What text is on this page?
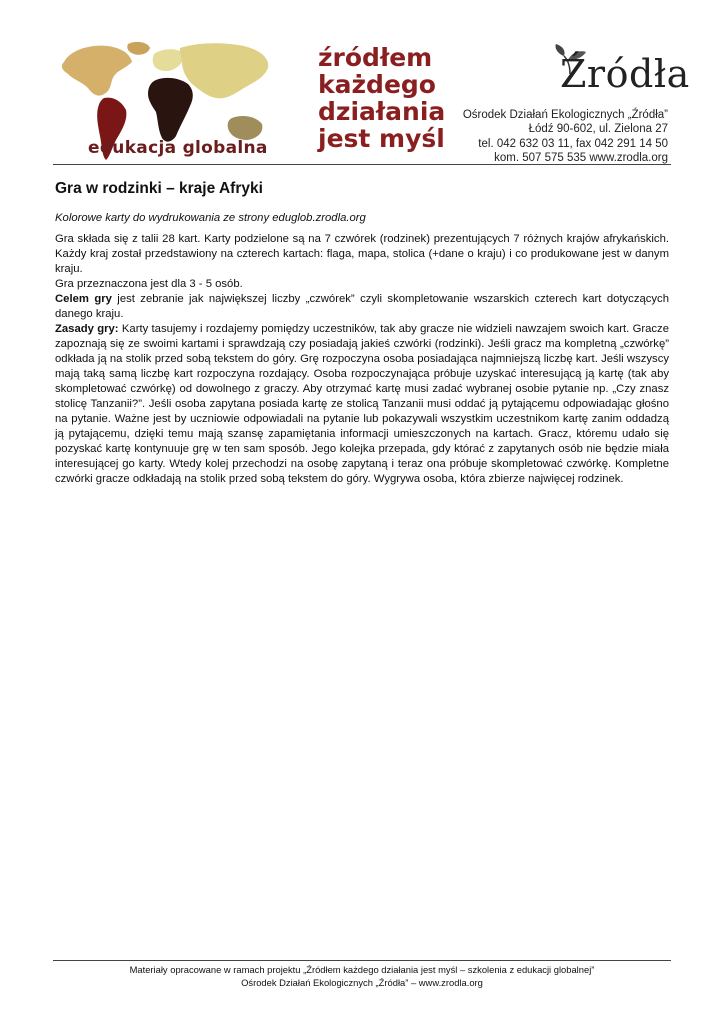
edukacja globalna
źródłem
każdego
działania
jest myśl
Źródła
Ośrodek Działań Ekologicznych „Źródła”
Łódź 90-602, ul. Zielona 27
tel. 042 632 03 11, fax 042 291 14 50
kom. 507 575 535 www.zrodla.org
Gra w rodzinki – kraje Afryki

Kolorowe karty do wydrukowania ze strony eduglob.zrodla.org

Gra składa się z talii 28 kart. Karty podzielone są na 7 czwórek (rodzinek) prezentujących 7 różnych krajów afrykańskich. Każdy kraj został przedstawiony na czterech kartach: flaga, mapa, stolica (+dane o kraju) i co produkowane jest w danym kraju.

Gra przeznaczona jest dla 3 - 5 osób.

Celem gry jest zebranie jak największej liczby „czwórek” czyli skompletowanie wszarskich czterech kart dotyczących danego kraju.

Zasady gry: Karty tasujemy i rozdajemy pomiędzy uczestników, tak aby gracze nie widzieli nawzajem swoich kart. Gracze zapoznają się ze swoimi kartami i sprawdzają czy posiadają jakieś czwórki (rodzinki). Jeśli gracz ma kompletną „czwórkę” odkłada ją na stolik przed sobą tekstem do góry. Grę rozpoczyna osoba posiadająca najmniejszą liczbę kart. Jeśli wszyscy mają taką samą liczbę kart rozpoczyna rozdający. Osoba rozpoczynająca próbuje uzyskać interesującą ją kartę (tak aby skompletować czwórkę) od dowolnego z graczy. Aby otrzymać kartę musi zadać wybranej osobie pytanie np. „Czy znasz stolicę Tanzanii?”. Jeśli osoba zapytana posiada kartę ze stolicą Tanzanii musi oddać ją pytającemu odpowiadając głośno na pytanie. Ważne jest by uczniowie odpowiadali na pytanie lub pokazywali wszystkim uczestnikom kartę zanim oddadzą ją pytającemu, dzięki temu mają szansę zapamiętania informacji umieszczonych na kartach. Gracz, któremu udało się pozyskać kartę kontynuuje grę w ten sam sposób. Jego kolejka przepada, gdy którać z zapytanych osób nie będzie miała interesującej go karty. Wtedy kolej przechodzi na osobę zapytaną i teraz ona próbuje skompletować czwórkę. Kompletne czwórki gracze odkładają na stolik przed sobą tekstem do góry. Wygrywa osoba, która zbierze najwięcej rodzinek.

Materiały opracowane w ramach projektu „Źródłem każdego działania jest myśl – szkolenia z edukacji globalnej”
Ośrodek Działań Ekologicznych „Źródła” – www.zrodla.org
